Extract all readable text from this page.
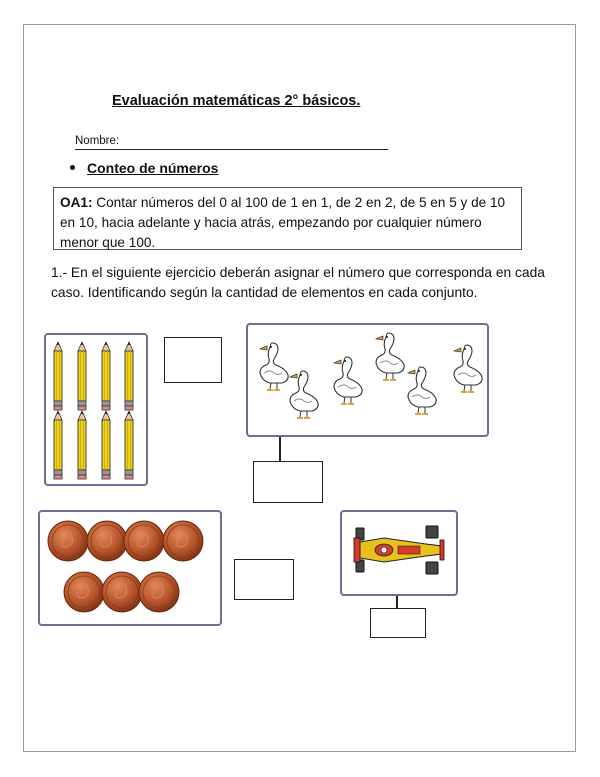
Evaluación matemáticas 2° básicos.
Nombre:
Conteo de números
OA1: Contar números del 0 al 100 de 1 en 1, de 2 en 2, de 5 en 5 y de 10 en 10, hacia adelante y hacia atrás, empezando por cualquier número menor que 100.
1.- En el siguiente ejercicio deberán asignar el número que corresponda en cada caso. Identificando según la cantidad de elementos en cada conjunto.
